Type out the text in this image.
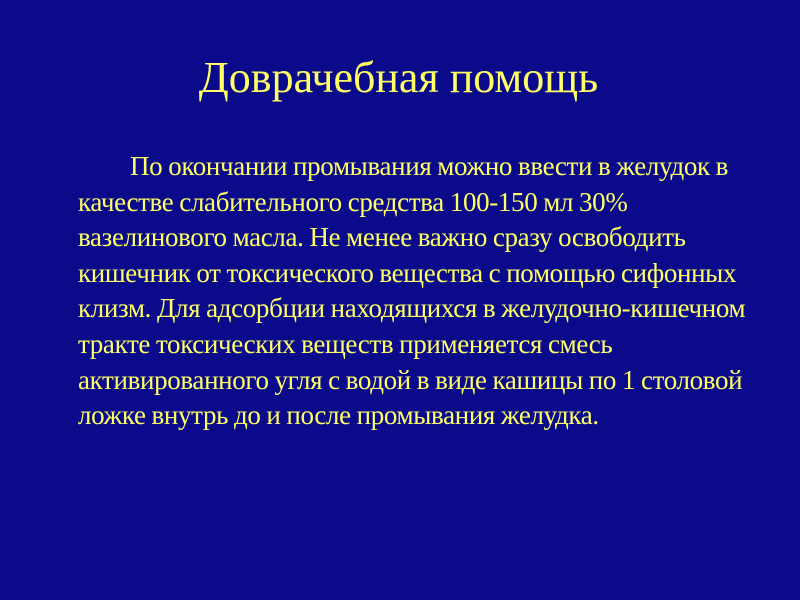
Доврачебная помощь

По окончании промывания можно ввести в желудок в качестве слабительного средства 100-150 мл 30% вазелинового масла. Не менее важно сразу освободить кишечник от токсического вещества с помощью сифонных клизм. Для адсорбции находящихся в желудочно-кишечном тракте токсических веществ применяется смесь активированного угля с водой в виде кашицы по 1 столовой ложке внутрь до и после промывания желудка.
